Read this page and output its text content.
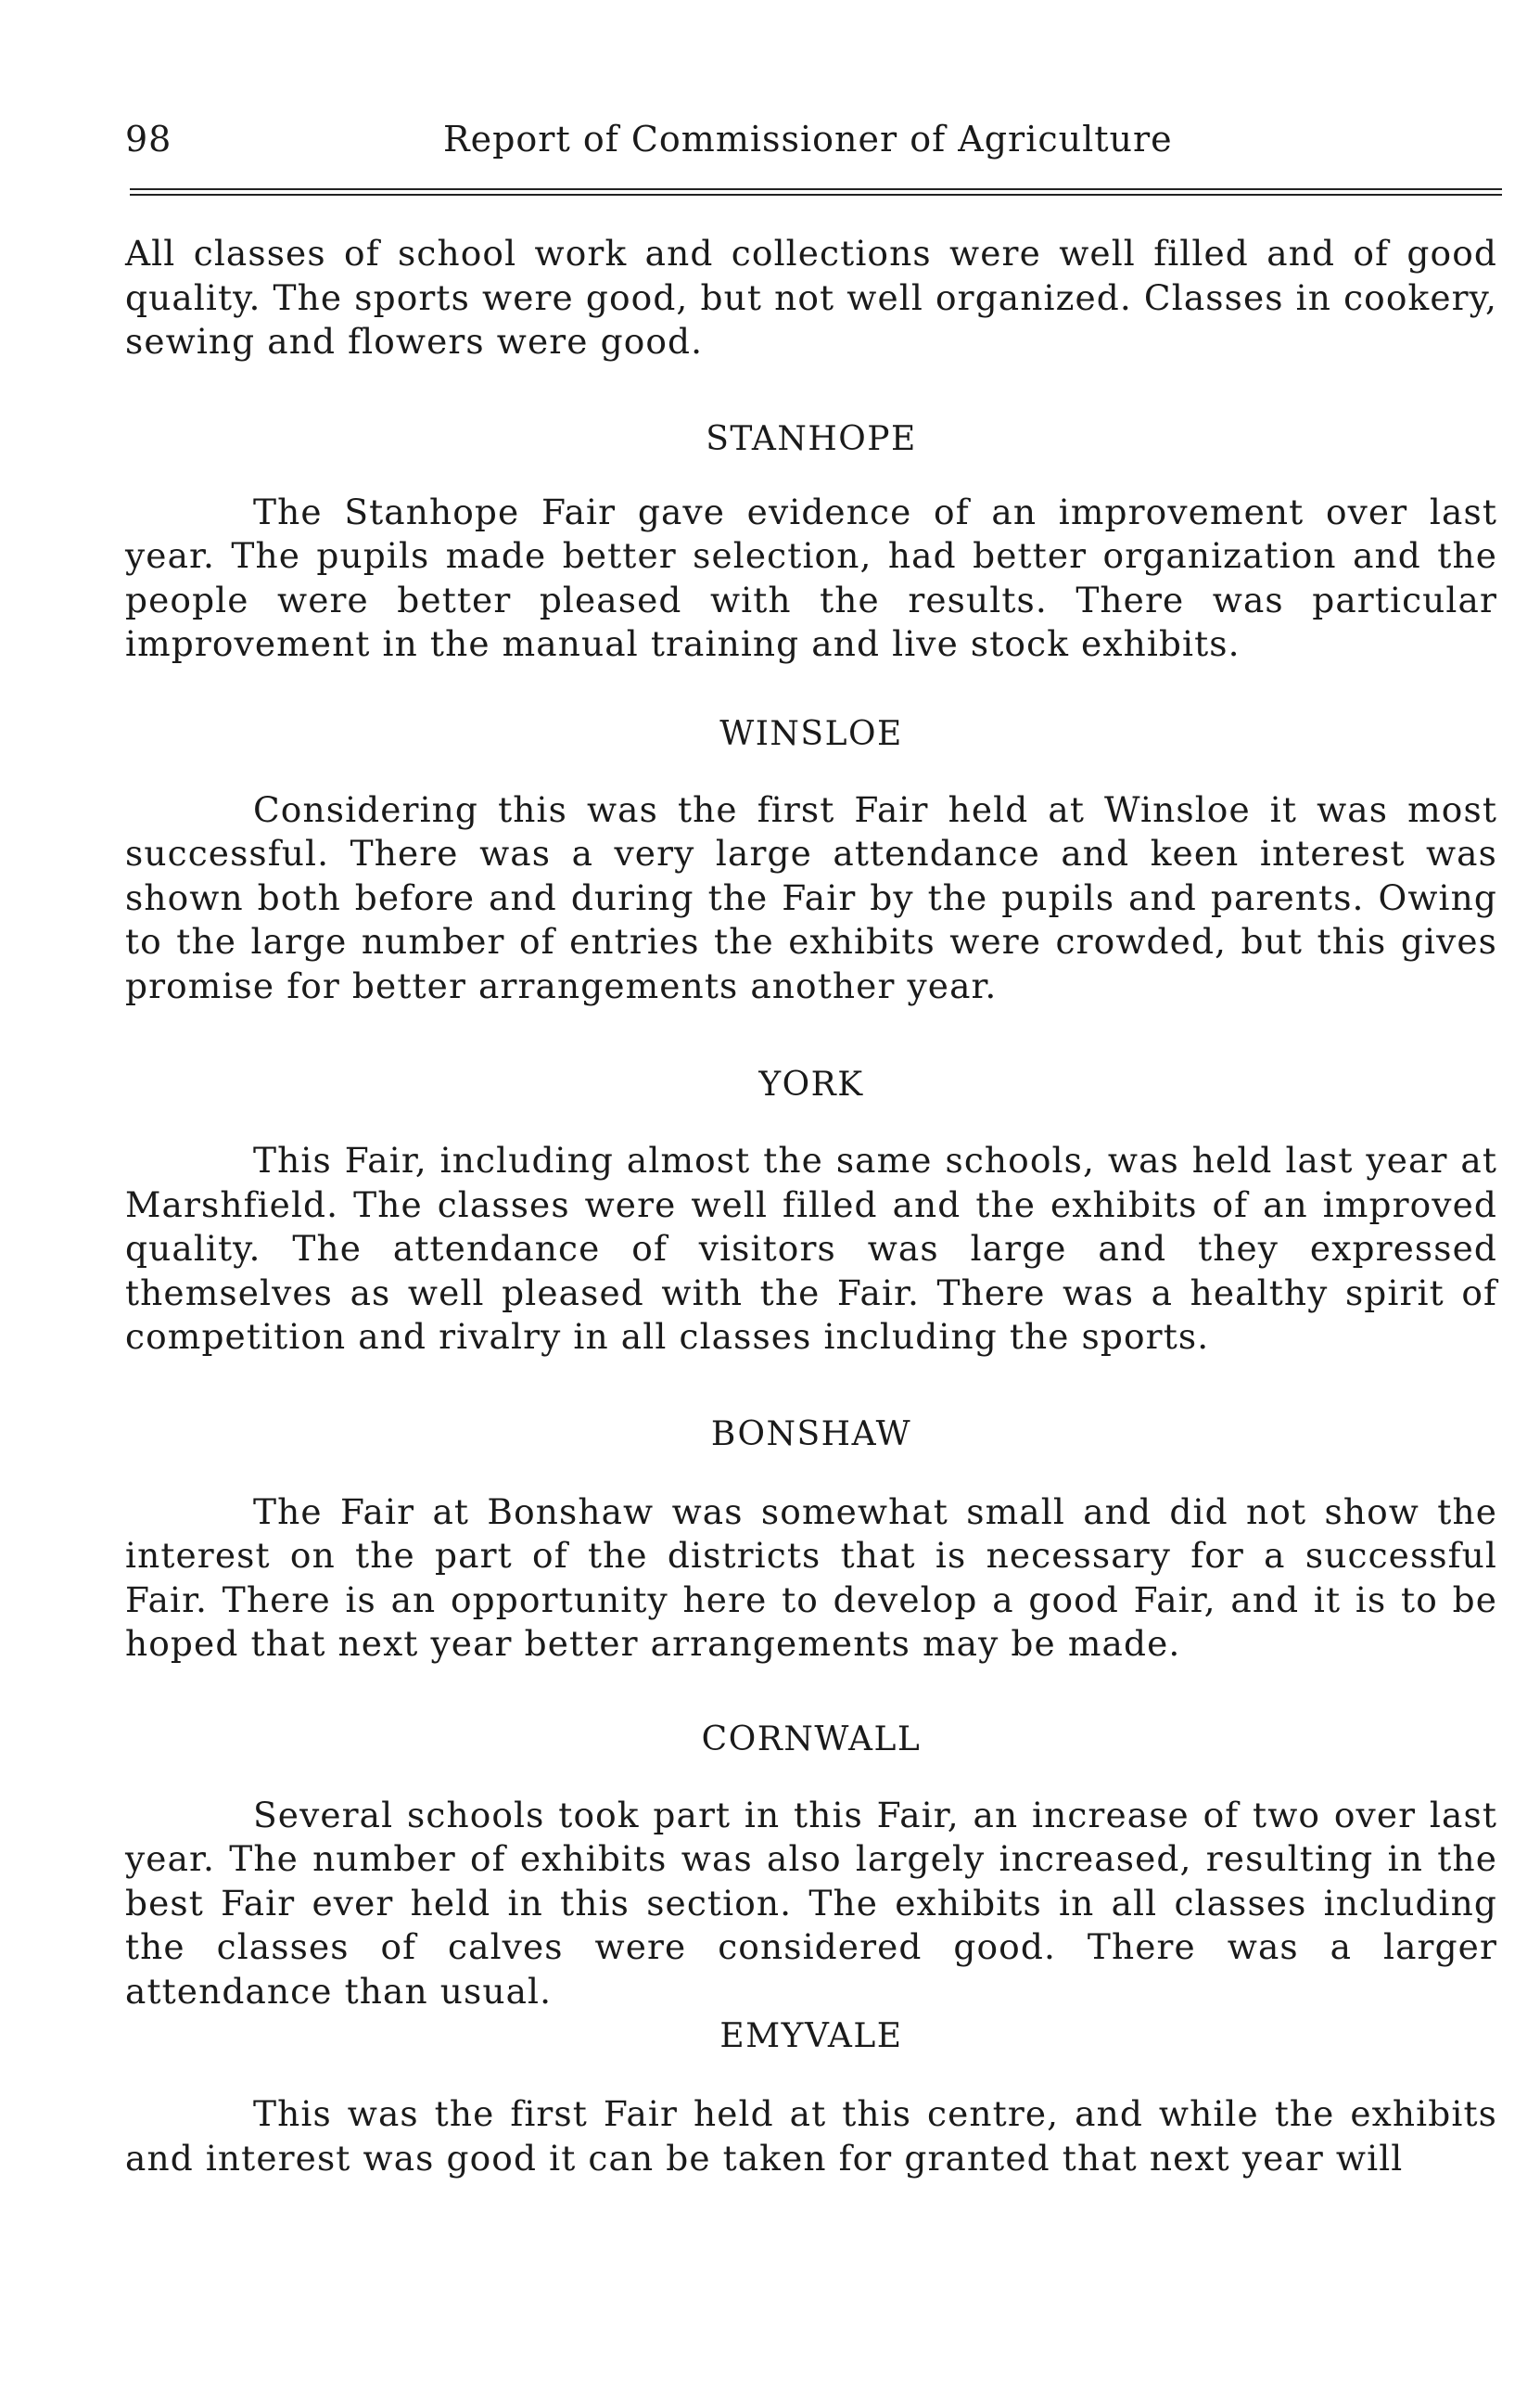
98	Report of Commissioner of Agriculture

All classes of school work and collections were well filled and of good quality. The sports were good, but not well organized. Classes in cookery, sewing and flowers were good.

STANHOPE

The Stanhope Fair gave evidence of an improvement over last year. The pupils made better selection, had better organization and the people were better pleased with the results. There was particular improvement in the manual training and live stock exhibits.

WINSLOE

Considering this was the first Fair held at Winsloe it was most successful. There was a very large attendance and keen interest was shown both before and during the Fair by the pupils and parents. Owing to the large number of entries the exhibits were crowded, but this gives promise for better arrangements another year.

YORK

This Fair, including almost the same schools, was held last year at Marshfield. The classes were well filled and the exhibits of an improved quality. The attendance of visitors was large and they expressed themselves as well pleased with the Fair. There was a healthy spirit of competition and rivalry in all classes including the sports.

BONSHAW

The Fair at Bonshaw was somewhat small and did not show the interest on the part of the districts that is necessary for a successful Fair. There is an opportunity here to develop a good Fair, and it is to be hoped that next year better arrangements may be made.

CORNWALL

Several schools took part in this Fair, an increase of two over last year. The number of exhibits was also largely increased, resulting in the best Fair ever held in this section. The exhibits in all classes including the classes of calves were considered good. There was a larger attendance than usual.

EMYVALE

This was the first Fair held at this centre, and while the exhibits and interest was good it can be taken for granted that next year will
